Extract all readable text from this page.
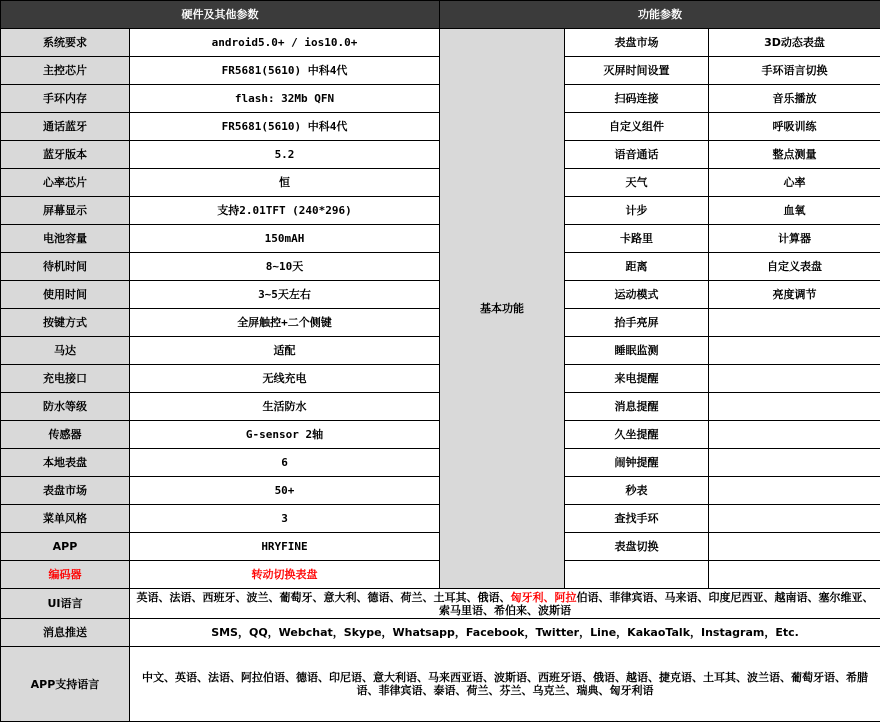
硬件及其他参数		功能参数		
系统要求	android5.0+ / ios10.0+	基本功能	表盘市场	3D动态表盘
主控芯片	FR5681(5610) 中科4代		灭屏时间设置	手环语言切换
手环内存	flash: 32Mb QFN		扫码连接	音乐播放
通话蓝牙	FR5681(5610) 中科4代		自定义组件	呼吸训练
蓝牙版本	5.2		语音通话	整点测量
心率芯片	恒		天气	心率
屏幕显示	支持2.01TFT (240*296)		计步	血氧
电池容量	150mAH		卡路里	计算器
待机时间	8~10天		距离	自定义表盘
使用时间	3~5天左右		运动模式	亮度调节
按键方式	全屏触控+二个侧键		抬手亮屏	
马达	适配		睡眠监测	
充电接口	无线充电		来电提醒	
防水等级	生活防水		消息提醒	
传感器	G-sensor 2轴		久坐提醒	
本地表盘	6		闹钟提醒	
表盘市场	50+		秒表	
菜单风格	3		查找手环	
APP	HRYFINE		表盘切换	
编码器	转动切换表盘			
UI语言	英语、法语、西班牙、波兰、葡萄牙、意大利、德语、荷兰、土耳其、俄语、匈牙利、阿拉伯语、菲律宾语、马来语、印度尼西亚、越南语、塞尔维亚、索马里语、希伯来、波斯语			
消息推送	SMS，QQ，Webchat，Skype，Whatsapp，Facebook，Twitter，Line，KakaoTalk，Instagram，Etc.			
APP支持语言	中文、英语、法语、阿拉伯语、德语、印尼语、意大利语、马来西亚语、波斯语、西班牙语、俄语、越语、捷克语、土耳其、波兰语、葡萄牙语、希腊语、菲律宾语、泰语、荷兰、芬兰、乌克兰、瑞典、匈牙利语			
